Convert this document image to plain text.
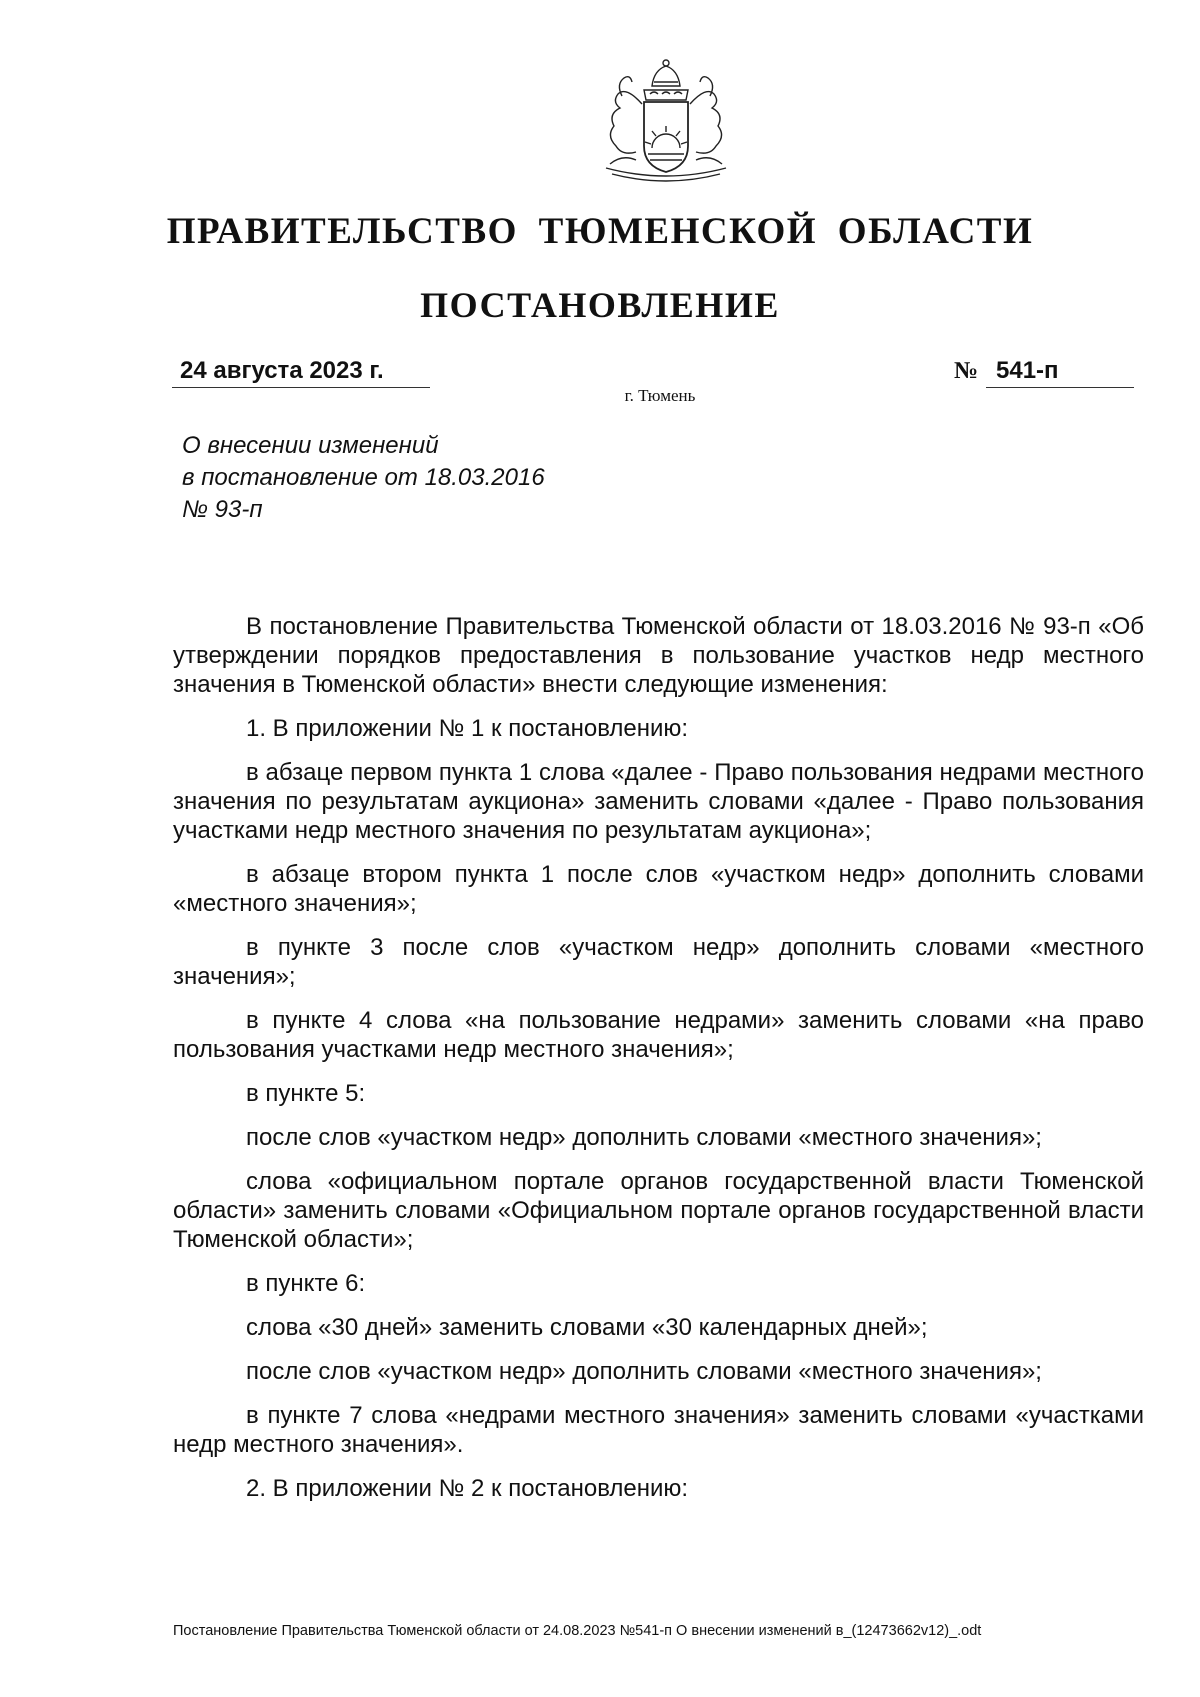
ПРАВИТЕЛЬСТВО ТЮМЕНСКОЙ ОБЛАСТИ
ПОСТАНОВЛЕНИЕ
24 августа 2023 г.	№ 541-п
г. Тюмень
О внесении изменений
в постановление от 18.03.2016
№ 93-п

В постановление Правительства Тюменской области от 18.03.2016 № 93-п «Об утверждении порядков предоставления в пользование участков недр местного значения в Тюменской области» внести следующие изменения:

1. В приложении № 1 к постановлению:

в абзаце первом пункта 1 слова «далее - Право пользования недрами местного значения по результатам аукциона» заменить словами «далее - Право пользования участками недр местного значения по результатам аукциона»;

в абзаце втором пункта 1 после слов «участком недр» дополнить словами «местного значения»;

в пункте 3 после слов «участком недр» дополнить словами «местного значения»;

в пункте 4 слова «на пользование недрами» заменить словами «на право пользования участками недр местного значения»;

в пункте 5:

после слов «участком недр» дополнить словами «местного значения»;

слова «официальном портале органов государственной власти Тюменской области» заменить словами «Официальном портале органов государственной власти Тюменской области»;

в пункте 6:

слова «30 дней» заменить словами «30 календарных дней»;

после слов «участком недр» дополнить словами «местного значения»;

в пункте 7 слова «недрами местного значения» заменить словами «участками недр местного значения».

2. В приложении № 2 к постановлению:

Постановление Правительства Тюменской области от 24.08.2023 №541-п О внесении изменений в_(12473662v12)_.odt
